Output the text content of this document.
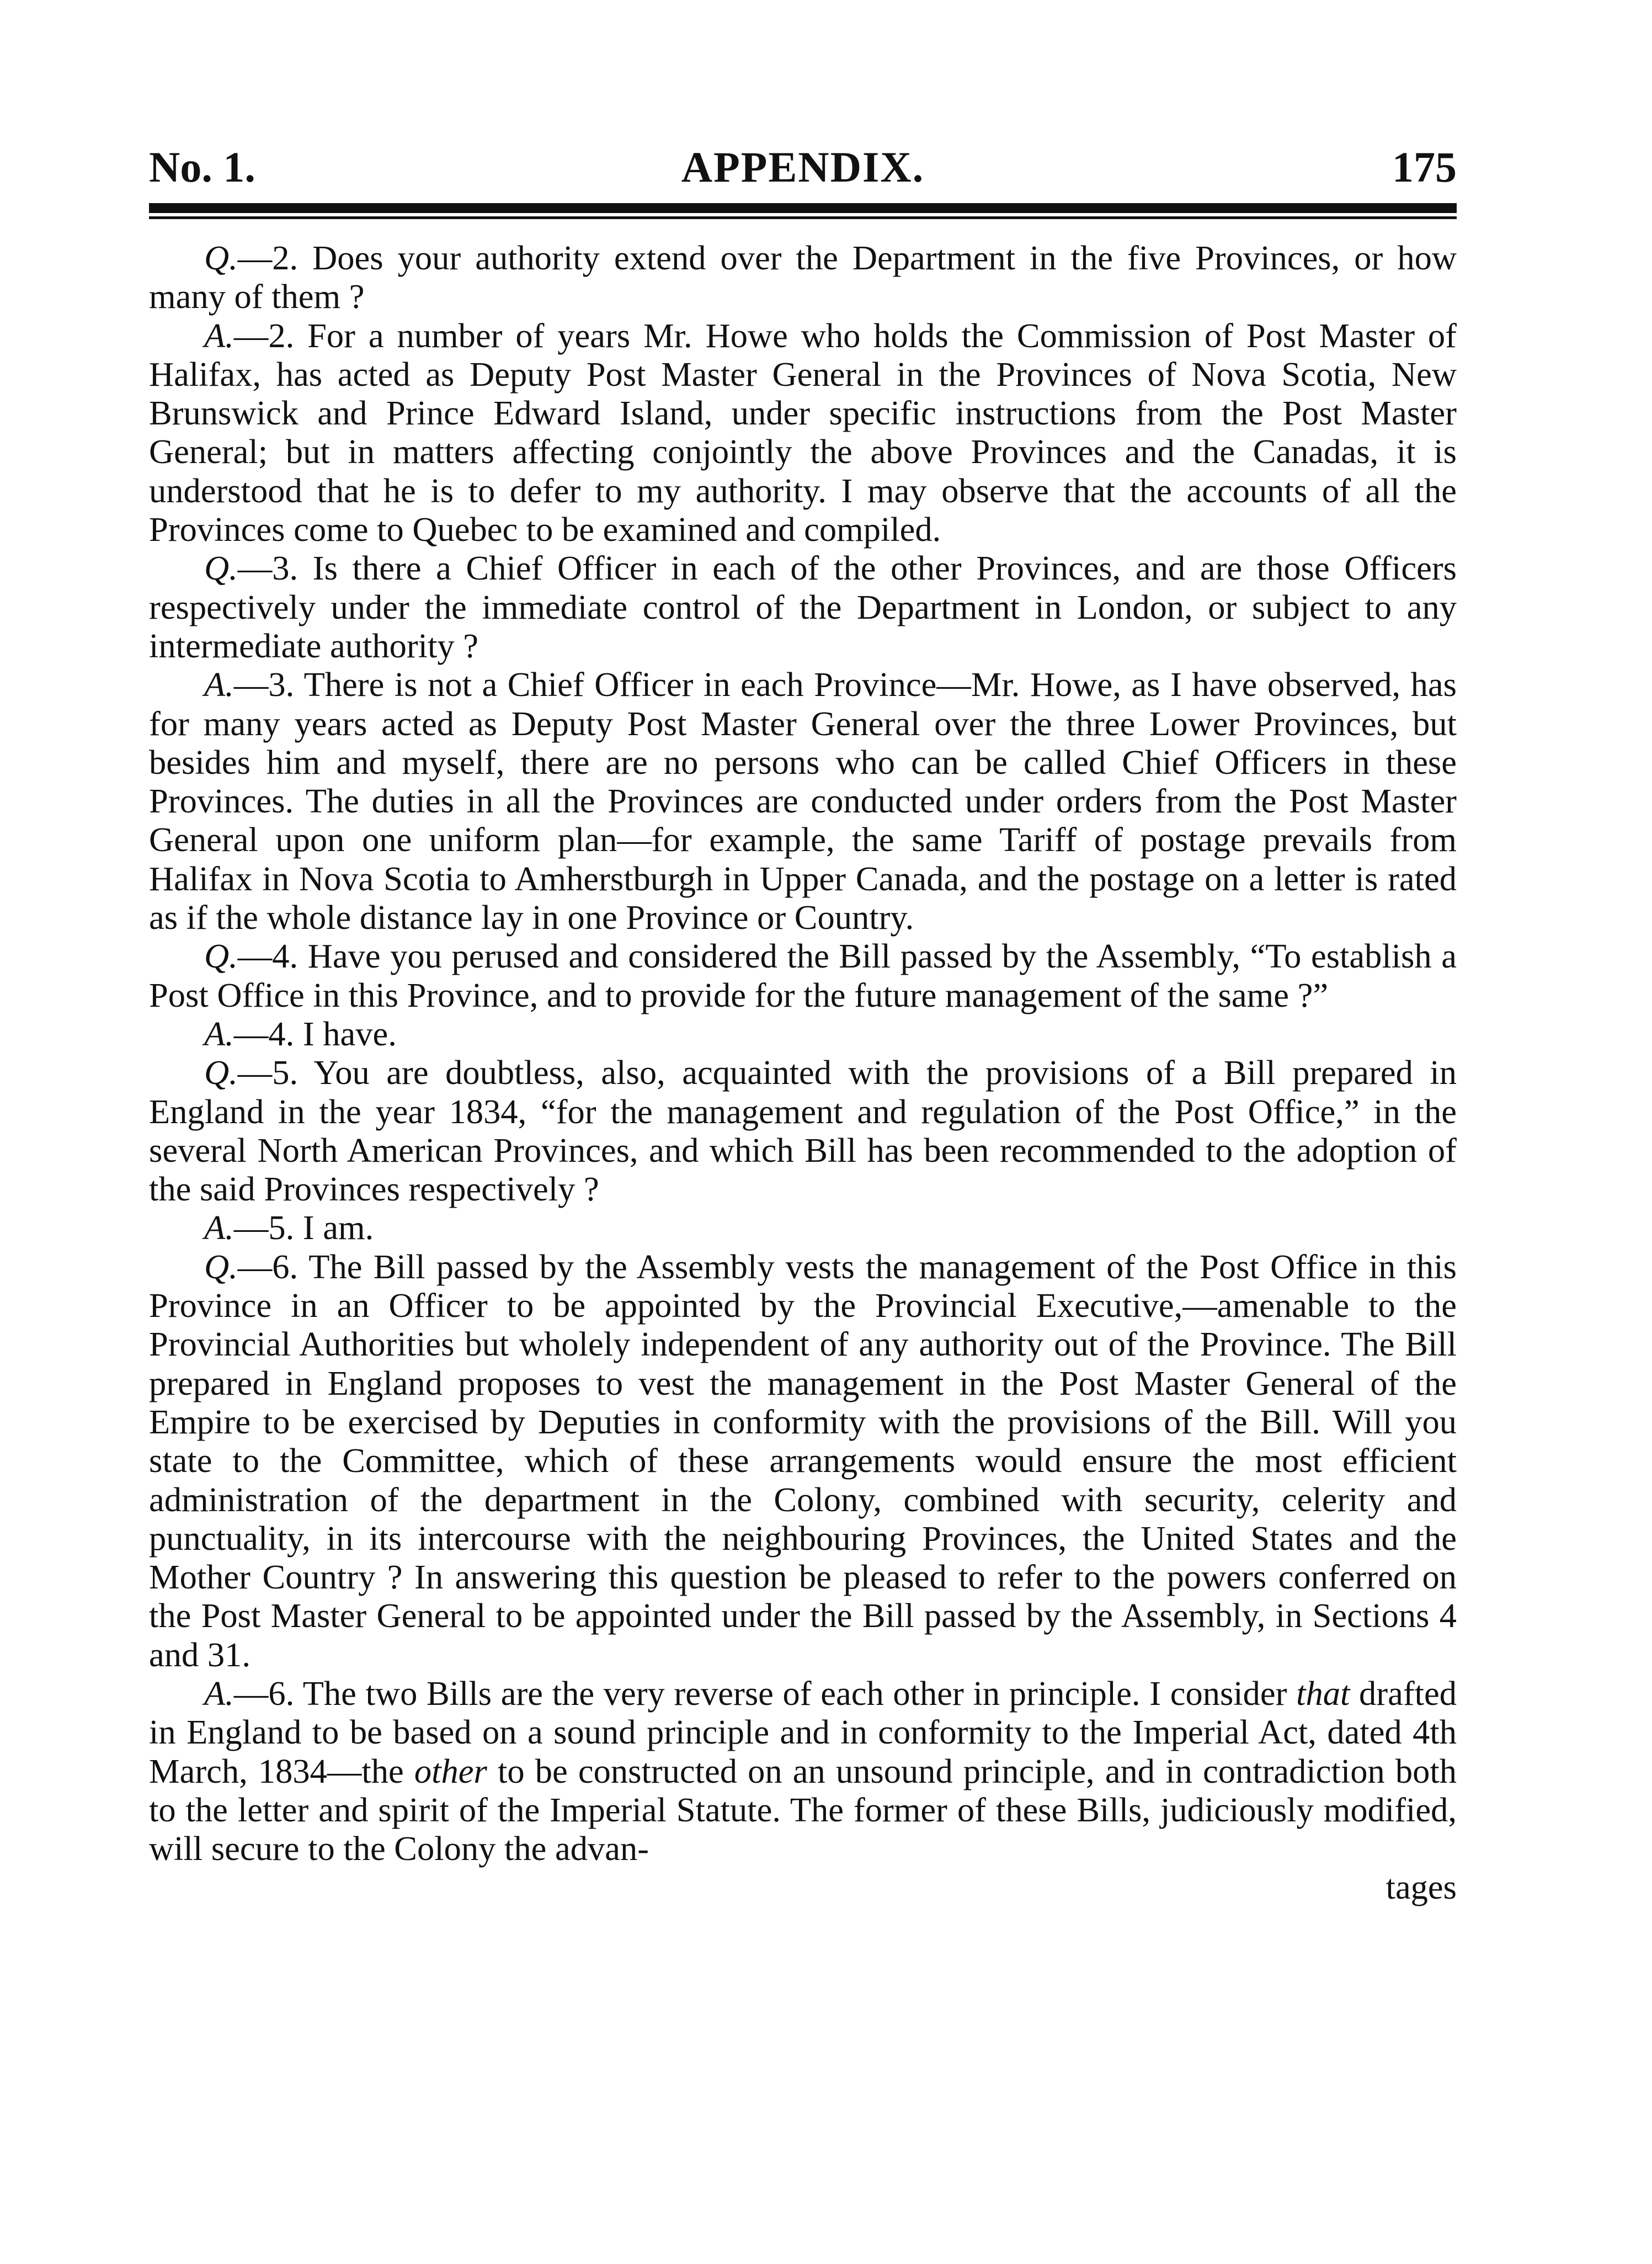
No. 1.	APPENDIX.	175

Q.—2. Does your authority extend over the Department in the five Provinces, or how many of them ?

A.—2. For a number of years Mr. Howe who holds the Commission of Post Master of Halifax, has acted as Deputy Post Master General in the Provinces of Nova Scotia, New Brunswick and Prince Edward Island, under specific instructions from the Post Master General; but in matters affecting conjointly the above Provinces and the Canadas, it is understood that he is to defer to my authority. I may observe that the accounts of all the Provinces come to Quebec to be examined and compiled.

Q.—3. Is there a Chief Officer in each of the other Provinces, and are those Officers respectively under the immediate control of the Department in London, or subject to any intermediate authority ?

A.—3. There is not a Chief Officer in each Province—Mr. Howe, as I have observed, has for many years acted as Deputy Post Master General over the three Lower Provinces, but besides him and myself, there are no persons who can be called Chief Officers in these Provinces. The duties in all the Provinces are conducted under orders from the Post Master General upon one uniform plan—for example, the same Tariff of postage prevails from Halifax in Nova Scotia to Amherstburgh in Upper Canada, and the postage on a letter is rated as if the whole distance lay in one Province or Country.

Q.—4. Have you perused and considered the Bill passed by the Assembly, “To establish a Post Office in this Province, and to provide for the future management of the same ?”

A.—4. I have.

Q.—5. You are doubtless, also, acquainted with the provisions of a Bill prepared in England in the year 1834, “for the management and regulation of the Post Office,” in the several North American Provinces, and which Bill has been recommended to the adoption of the said Provinces respectively ?

A.—5. I am.

Q.—6. The Bill passed by the Assembly vests the management of the Post Office in this Province in an Officer to be appointed by the Provincial Executive,—amenable to the Provincial Authorities but wholely independent of any authority out of the Province. The Bill prepared in England proposes to vest the management in the Post Master General of the Empire to be exercised by Deputies in conformity with the provisions of the Bill. Will you state to the Committee, which of these arrangements would ensure the most efficient administration of the department in the Colony, combined with security, celerity and punctuality, in its intercourse with the neighbouring Provinces, the United States and the Mother Country ? In answering this question be pleased to refer to the powers conferred on the Post Master General to be appointed under the Bill passed by the Assembly, in Sections 4 and 31.

A.—6. The two Bills are the very reverse of each other in principle. I consider that drafted in England to be based on a sound principle and in conformity to the Imperial Act, dated 4th March, 1834—the other to be constructed on an unsound principle, and in contradiction both to the letter and spirit of the Imperial Statute. The former of these Bills, judiciously modified, will secure to the Colony the advan-

tages
